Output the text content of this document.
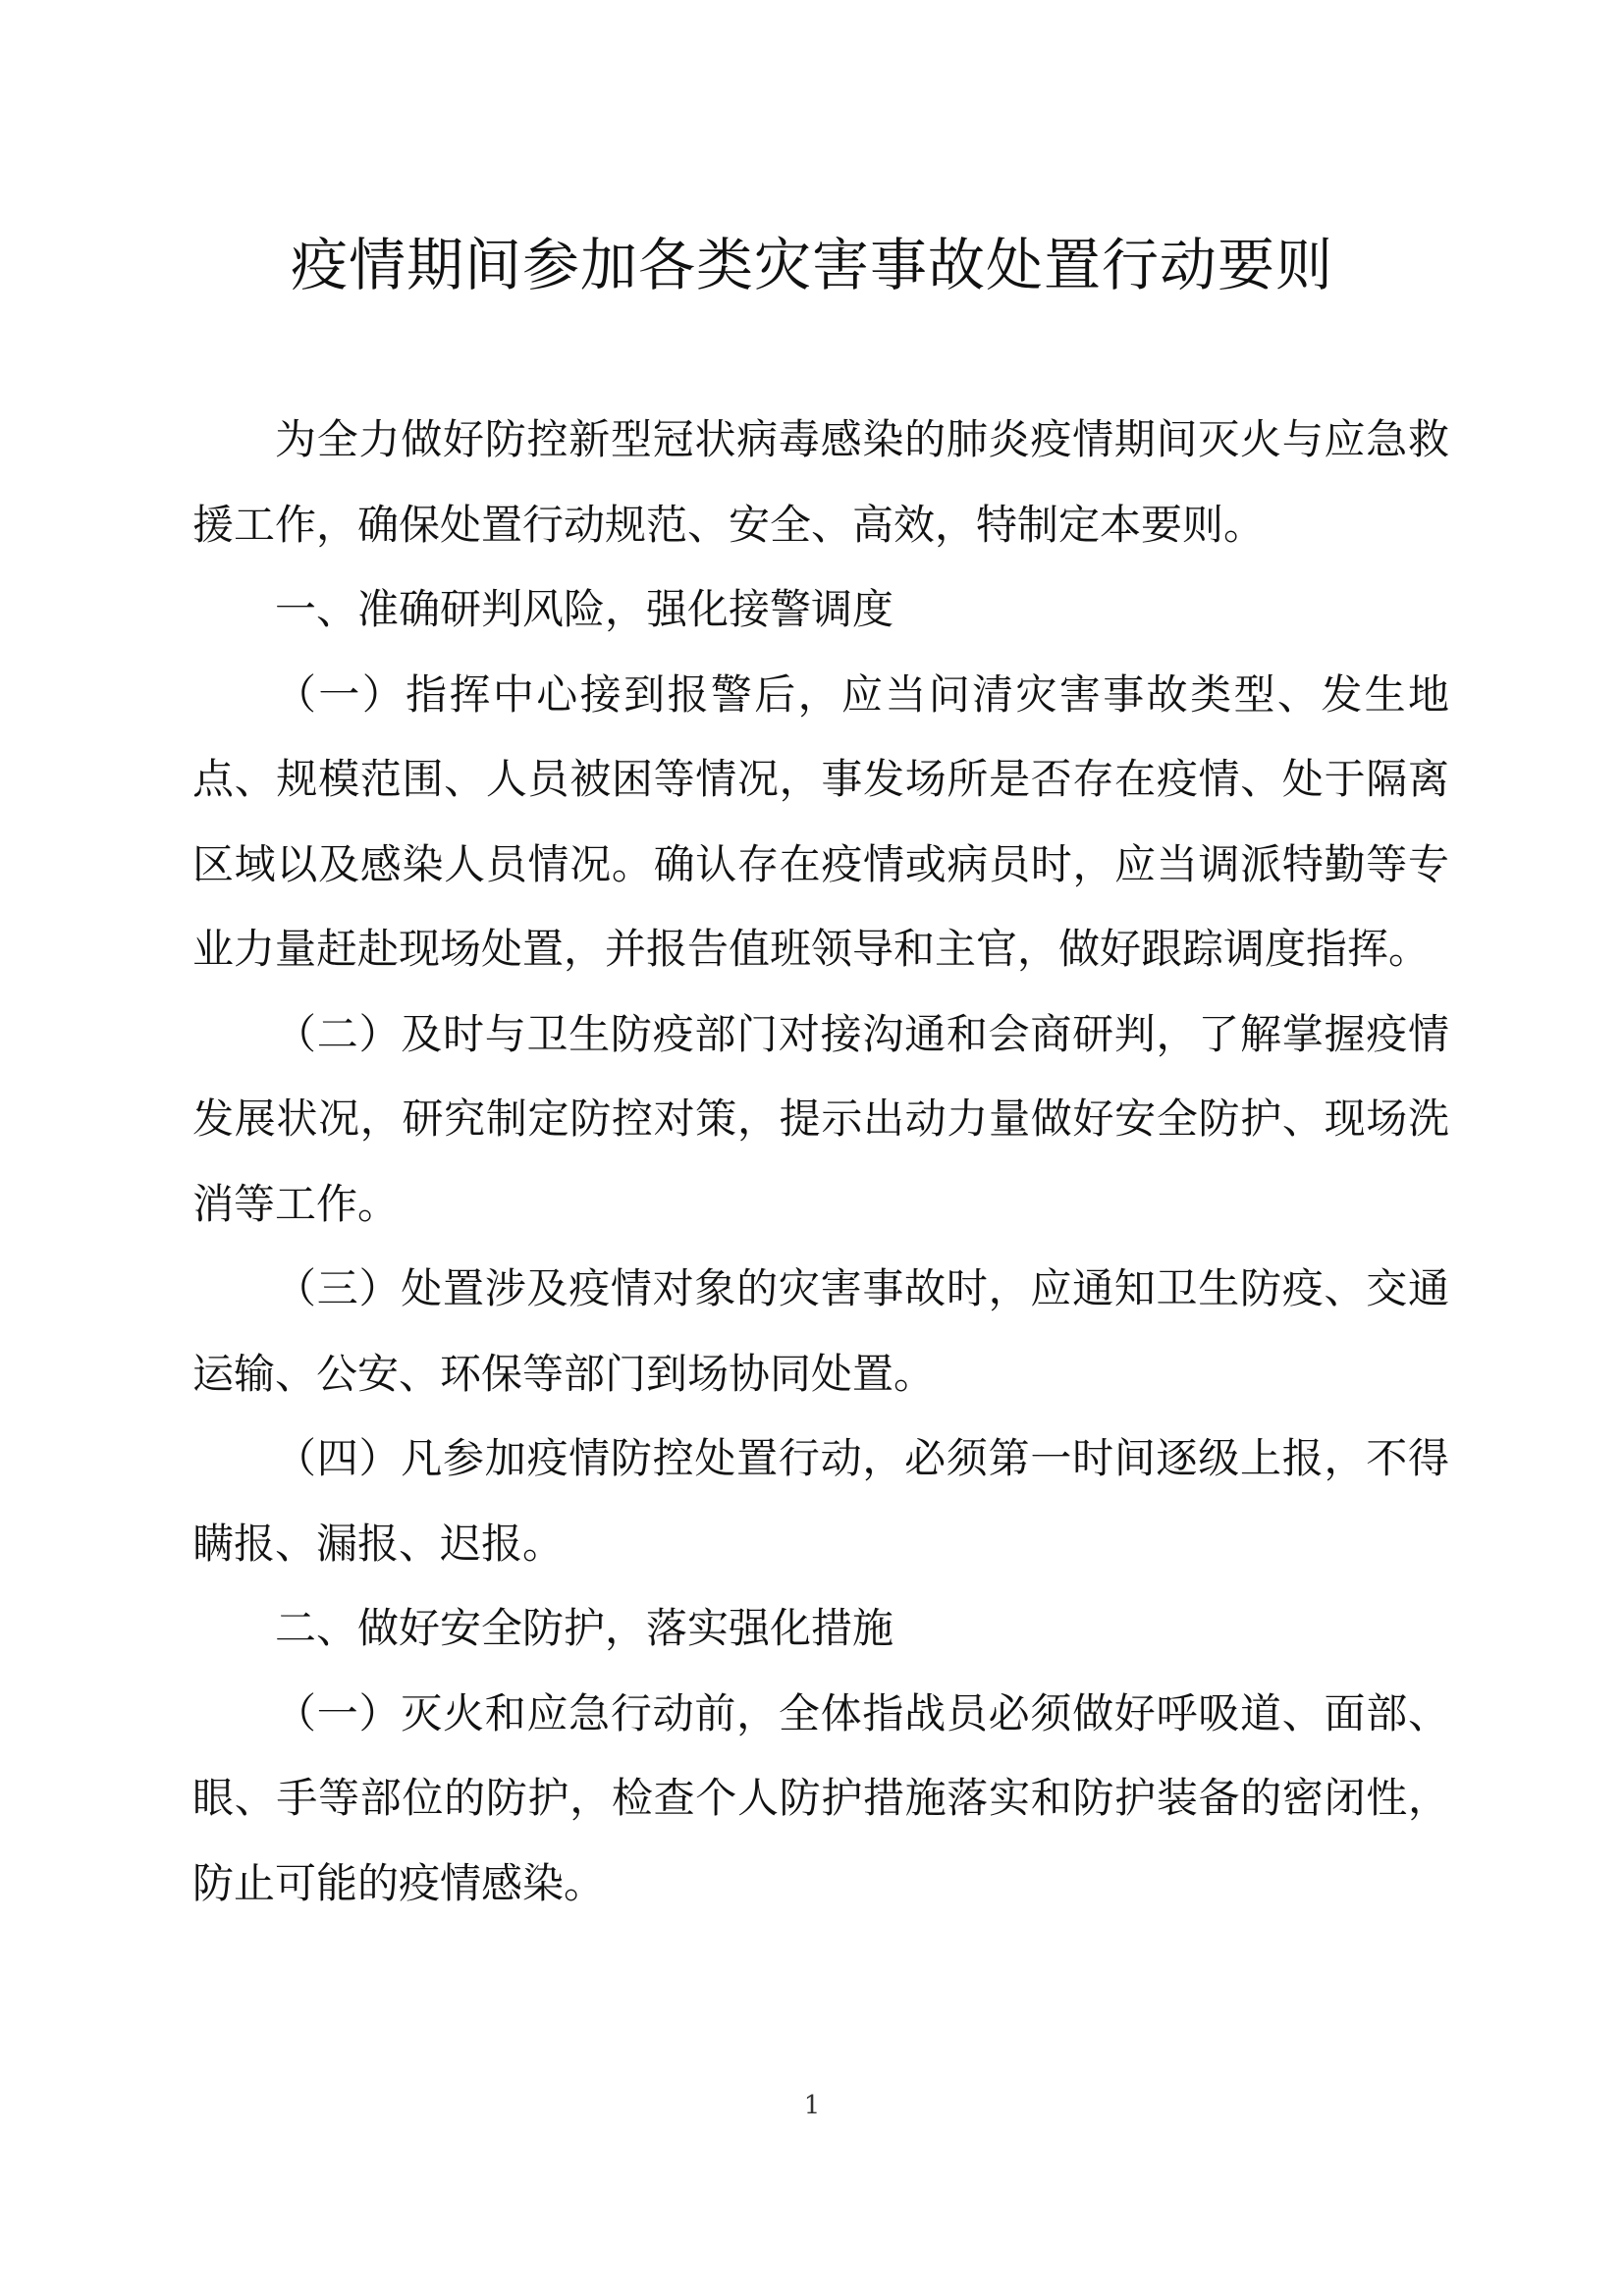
疫情期间参加各类灾害事故处置行动要则

为全力做好防控新型冠状病毒感染的肺炎疫情期间灭火与应急救援工作，确保处置行动规范、安全、高效，特制定本要则。

一、准确研判风险，强化接警调度

（一）指挥中心接到报警后，应当问清灾害事故类型、发生地点、规模范围、人员被困等情况，事发场所是否存在疫情、处于隔离区域以及感染人员情况。确认存在疫情或病员时，应当调派特勤等专业力量赶赴现场处置，并报告值班领导和主官，做好跟踪调度指挥。

（二）及时与卫生防疫部门对接沟通和会商研判，了解掌握疫情发展状况，研究制定防控对策，提示出动力量做好安全防护、现场洗消等工作。

（三）处置涉及疫情对象的灾害事故时，应通知卫生防疫、交通运输、公安、环保等部门到场协同处置。

（四）凡参加疫情防控处置行动，必须第一时间逐级上报，不得瞒报、漏报、迟报。

二、做好安全防护，落实强化措施

（一）灭火和应急行动前，全体指战员必须做好呼吸道、面部、眼、手等部位的防护，检查个人防护措施落实和防护装备的密闭性，防止可能的疫情感染。

1
